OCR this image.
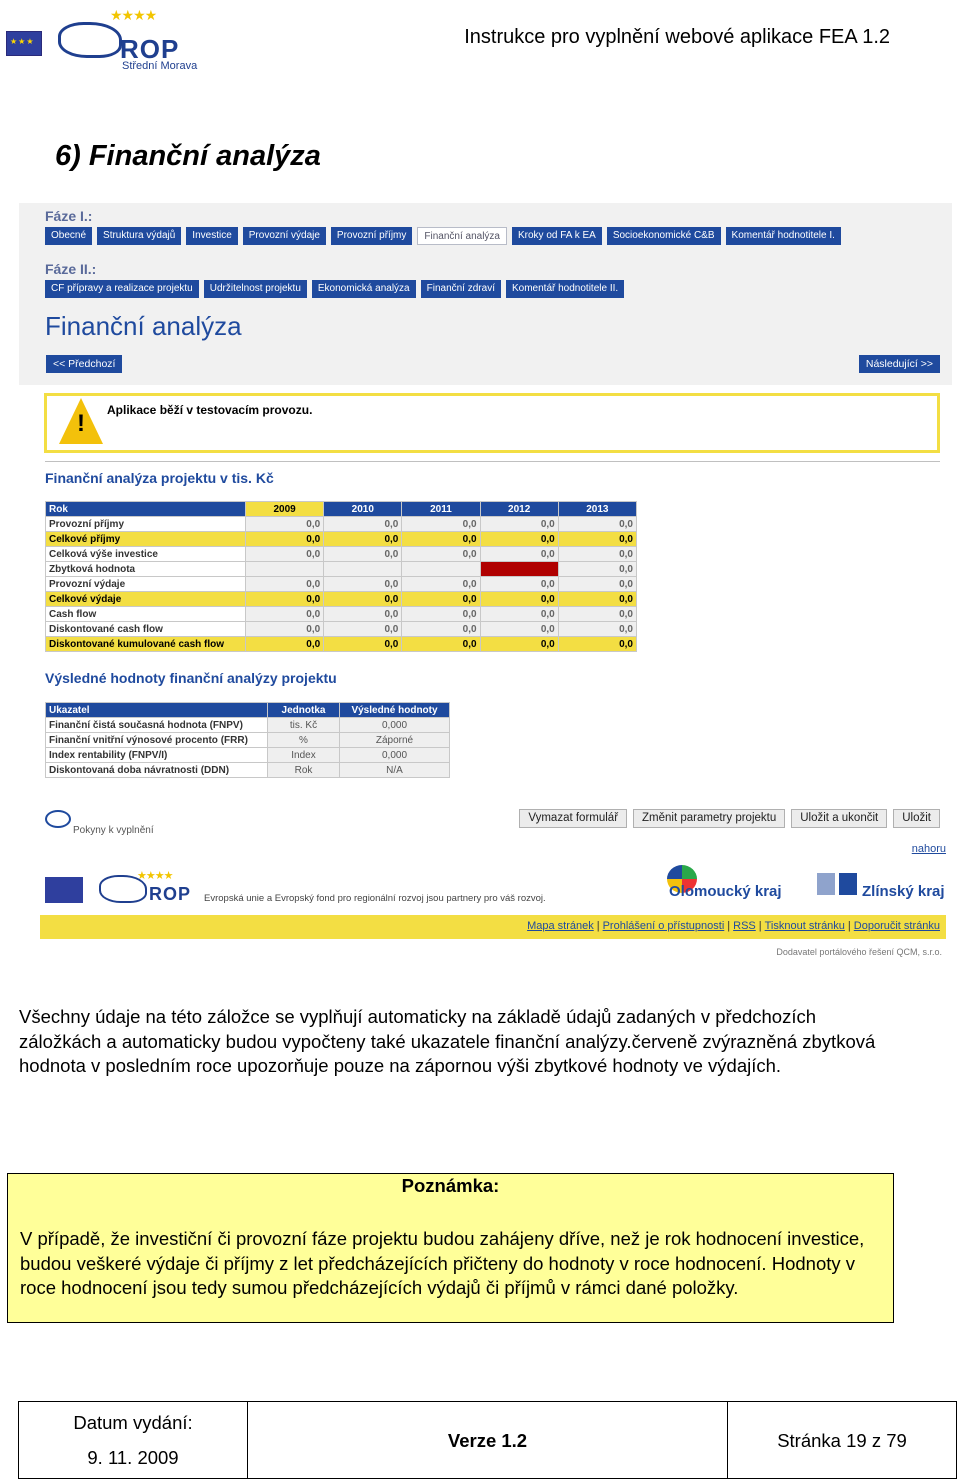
★★★
★★★★
ROP
Střední Morava
Instrukce pro vyplnění webové aplikace FEA 1.2
6) Finanční analýza
Fáze I.:
Obecné	Struktura výdajů	Investice	Provozní výdaje	Provozní příjmy	Finanční analýza	Kroky od FA k EA	Socioekonomické C&B	Komentář hodnotitele I.
Fáze II.:
CF přípravy a realizace projektu	Udržitelnost projektu	Ekonomická analýza	Finanční zdraví	Komentář hodnotitele II.
Finanční analýza
<< Předchozí	Následující >>
! Aplikace běží v testovacím provozu.
Finanční analýza projektu v tis. Kč
Rok	2009	2010	2011	2012	2013
Provozní příjmy	0,0	0,0	0,0	0,0	0,0
Celkové příjmy	0,0	0,0	0,0	0,0	0,0
Celková výše investice	0,0	0,0	0,0	0,0	0,0
Zbytková hodnota					0,0
Provozní výdaje	0,0	0,0	0,0	0,0	0,0
Celkové výdaje	0,0	0,0	0,0	0,0	0,0
Cash flow	0,0	0,0	0,0	0,0	0,0
Diskontované cash flow	0,0	0,0	0,0	0,0	0,0
Diskontované kumulované cash flow	0,0	0,0	0,0	0,0	0,0
Výsledné hodnoty finanční analýzy projektu
Ukazatel	Jednotka	Výsledné hodnoty
Finanční čistá současná hodnota (FNPV)	tis. Kč	0,000
Finanční vnitřní výnosové procento (FRR)	%	Záporné
Index rentability (FNPV/I)	Index	0,000
Diskontovaná doba návratnosti (DDN)	Rok	N/A
Pokyny k vyplnění
Vymazat formulář	Změnit parametry projektu	Uložit a ukončit	Uložit
nahoru
★★★★
ROP Evropská unie a Evropský fond pro regionální rozvoj jsou partnery pro váš rozvoj.	Olomoucký kraj	Zlínský kraj
Mapa stránek | Prohlášení o přístupnosti | RSS | Tisknout stránku | Doporučit stránku
Dodavatel portálového řešení QCM, s.r.o.
Všechny údaje na této záložce se vyplňují automaticky na základě údajů zadaných v předchozích záložkách a automaticky budou vypočteny také ukazatele finanční analýzy.červeně zvýrazněná zbytková hodnota v posledním roce upozorňuje pouze na zápornou výši zbytkové hodnoty ve výdajích.
Poznámka:
V případě, že investiční či provozní fáze projektu budou zahájeny dříve, než je rok hodnocení investice, budou veškeré výdaje či příjmy z let předcházejících přičteny do hodnoty v roce hodnocení. Hodnoty v roce hodnocení jsou tedy sumou předcházejících výdajů či příjmů v rámci dané položky.
Datum vydání:
9. 11. 2009
Verze 1.2	Stránka 19 z 79
